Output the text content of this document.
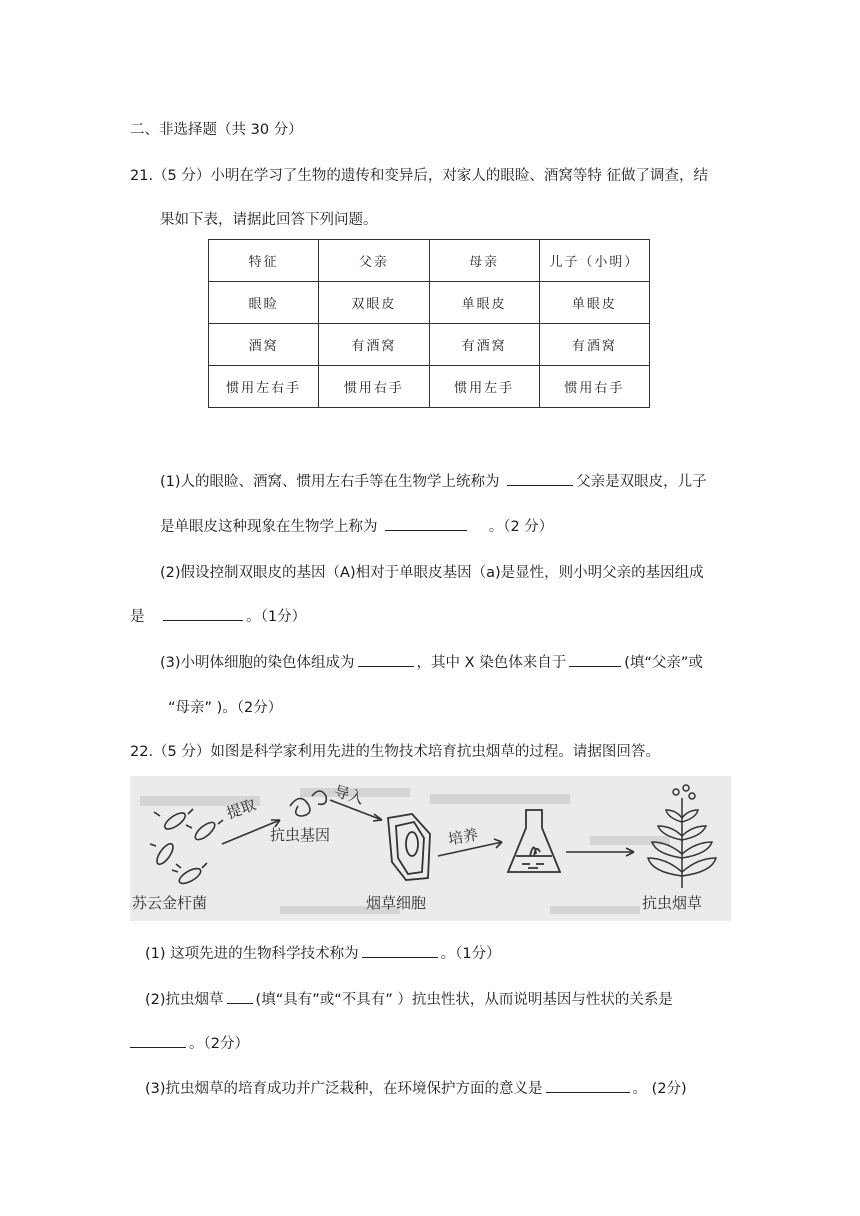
二、非选择题（共 30 分）
21.（5 分）小明在学习了生物的遗传和变异后，对家人的眼睑、酒窝等特 征做了调查，结
果如下表，请据此回答下列问题。
特征	父亲	母亲	儿子（小明）
眼睑	双眼皮	单眼皮	单眼皮
酒窝	有酒窝	有酒窝	有酒窝
惯用左右手	惯用右手	惯用左手	惯用右手
(1)人的眼睑、酒窝、惯用左右手等在生物学上统称为	父亲是双眼皮，儿子
是单眼皮这种现象在生物学上称为	。（2 分）
(2)假设控制双眼皮的基因（A)相对于单眼皮基因（a)是显性，则小明父亲的基因组成
是	。（1分）
(3)小明体细胞的染色体组成为	，其中 X 染色体来自于	(填“父亲”或
“母亲” )。（2分）
22.（5 分）如图是科学家利用先进的生物技术培育抗虫烟草的过程。请据图回答。
苏云金杆菌
提取
抗虫基因
导入
烟草细胞
培养
抗虫烟草
(1) 这项先进的生物科学技术称为	。（1分）
(2)抗虫烟草 (填“具有”或“不具有” ）抗虫性状，从而说明基因与性状的关系是
。（2分）
(3)抗虫烟草的培育成功并广泛栽种，在环境保护方面的意义是	。 (2分)
